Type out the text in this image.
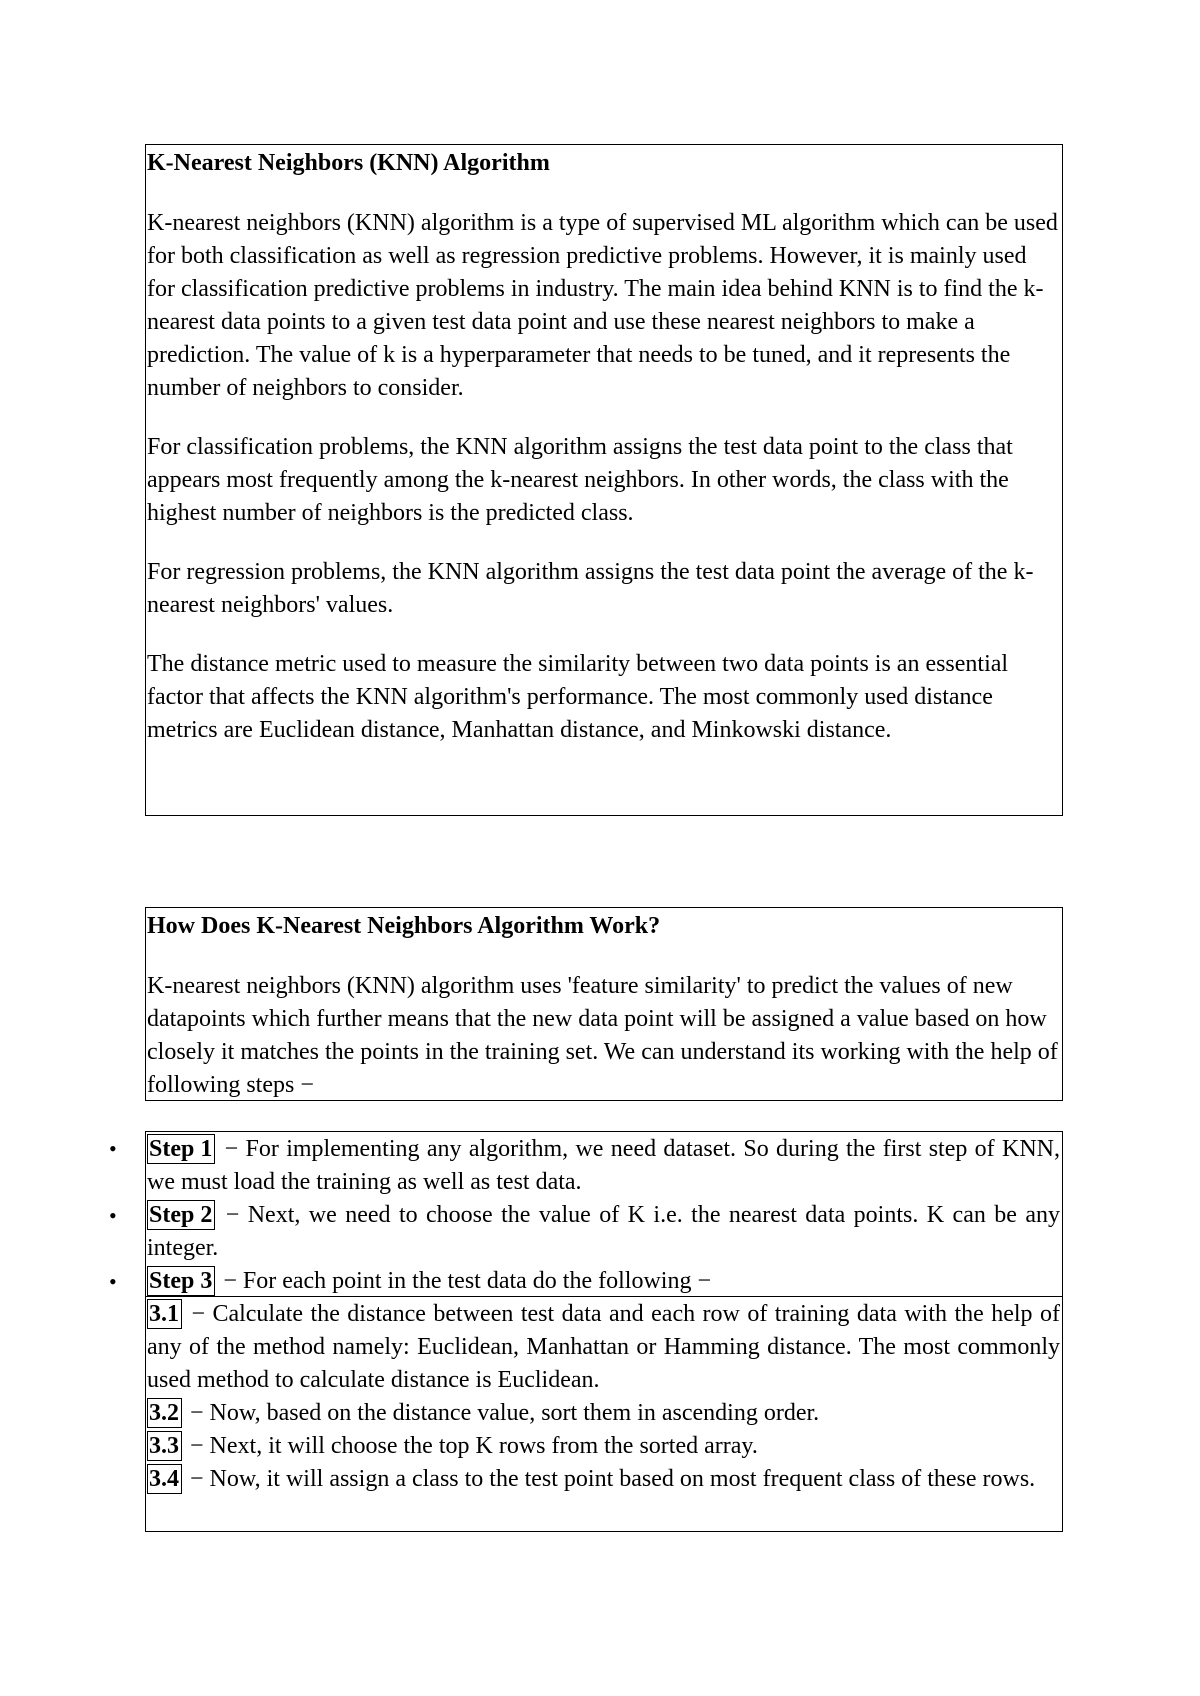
K-Nearest Neighbors (KNN) Algorithm

K-nearest neighbors (KNN) algorithm is a type of supervised ML algorithm which can be used for both classification as well as regression predictive problems. However, it is mainly used for classification predictive problems in industry. The main idea behind KNN is to find the k-nearest data points to a given test data point and use these nearest neighbors to make a prediction. The value of k is a hyperparameter that needs to be tuned, and it represents the number of neighbors to consider.

For classification problems, the KNN algorithm assigns the test data point to the class that appears most frequently among the k-nearest neighbors. In other words, the class with the highest number of neighbors is the predicted class.

For regression problems, the KNN algorithm assigns the test data point the average of the k-nearest neighbors' values.

The distance metric used to measure the similarity between two data points is an essential factor that affects the KNN algorithm's performance. The most commonly used distance metrics are Euclidean distance, Manhattan distance, and Minkowski distance.

How Does K-Nearest Neighbors Algorithm Work?

K-nearest neighbors (KNN) algorithm uses 'feature similarity' to predict the values of new datapoints which further means that the new data point will be assigned a value based on how closely it matches the points in the training set. We can understand its working with the help of following steps −

• Step 1 − For implementing any algorithm, we need dataset. So during the first step of KNN, we must load the training as well as test data.

• Step 2 − Next, we need to choose the value of K i.e. the nearest data points. K can be any integer.

• Step 3 − For each point in the test data do the following −

3.1 − Calculate the distance between test data and each row of training data with the help of any of the method namely: Euclidean, Manhattan or Hamming distance. The most commonly used method to calculate distance is Euclidean.

3.2 − Now, based on the distance value, sort them in ascending order.

3.3 − Next, it will choose the top K rows from the sorted array.

3.4 − Now, it will assign a class to the test point based on most frequent class of these rows.
